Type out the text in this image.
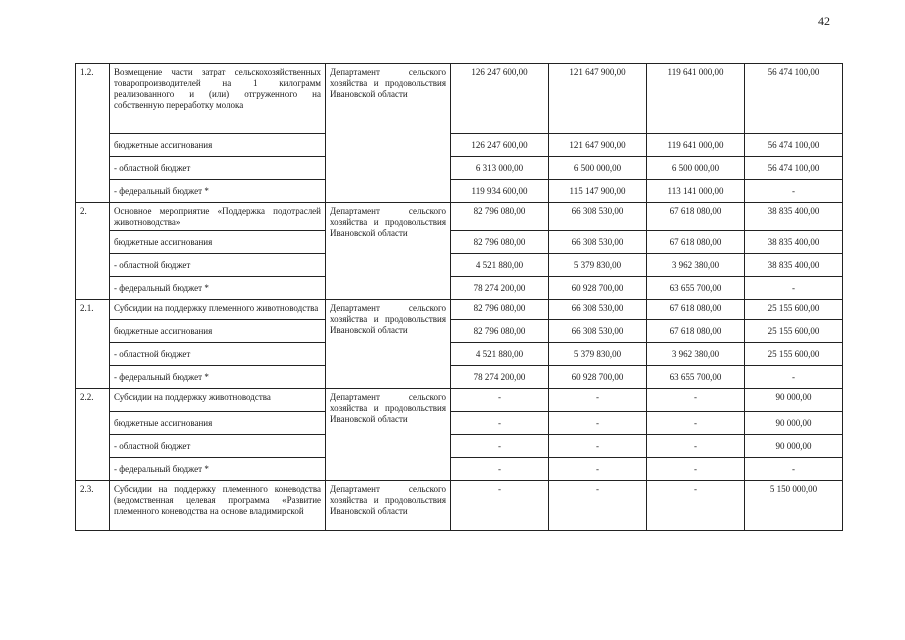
42
1.2.	Возмещение части затрат сельскохозяйственных товаропроизводителей на 1 килограмм реализованного и (или) отгруженного на собственную переработку молока	Департамент сельского хозяйства и продовольствия Ивановской области	126 247 600,00	121 647 900,00	119 641 000,00	56 474 100,00
	бюджетные ассигнования		126 247 600,00	121 647 900,00	119 641 000,00	56 474 100,00
	- областной бюджет		6 313 000,00	6 500 000,00	6 500 000,00	56 474 100,00
	- федеральный бюджет *		119 934 600,00	115 147 900,00	113 141 000,00	-
2.	Основное мероприятие «Поддержка подотраслей животноводства»	Департамент сельского хозяйства и продовольствия Ивановской области	82 796 080,00	66 308 530,00	67 618 080,00	38 835 400,00
	бюджетные ассигнования		82 796 080,00	66 308 530,00	67 618 080,00	38 835 400,00
	- областной бюджет		4 521 880,00	5 379 830,00	3 962 380,00	38 835 400,00
	- федеральный бюджет *		78 274 200,00	60 928 700,00	63 655 700,00	-
2.1.	Субсидии на поддержку племенного животноводства	Департамент сельского хозяйства и продовольствия Ивановской области	82 796 080,00	66 308 530,00	67 618 080,00	25 155 600,00
	бюджетные ассигнования		82 796 080,00	66 308 530,00	67 618 080,00	25 155 600,00
	- областной бюджет		4 521 880,00	5 379 830,00	3 962 380,00	25 155 600,00
	- федеральный бюджет *		78 274 200,00	60 928 700,00	63 655 700,00	-
2.2.	Субсидии на поддержку животноводства	Департамент сельского хозяйства и продовольствия Ивановской области	-	-	-	90 000,00
	бюджетные ассигнования		-	-	-	90 000,00
	- областной бюджет		-	-	-	90 000,00
	- федеральный бюджет *		-	-	-	-
2.3.	Субсидии на поддержку племенного коневодства (ведомственная целевая программа «Развитие племенного коневодства на основе владимирской	Департамент сельского хозяйства и продовольствия Ивановской области	-	-	-	5 150 000,00
